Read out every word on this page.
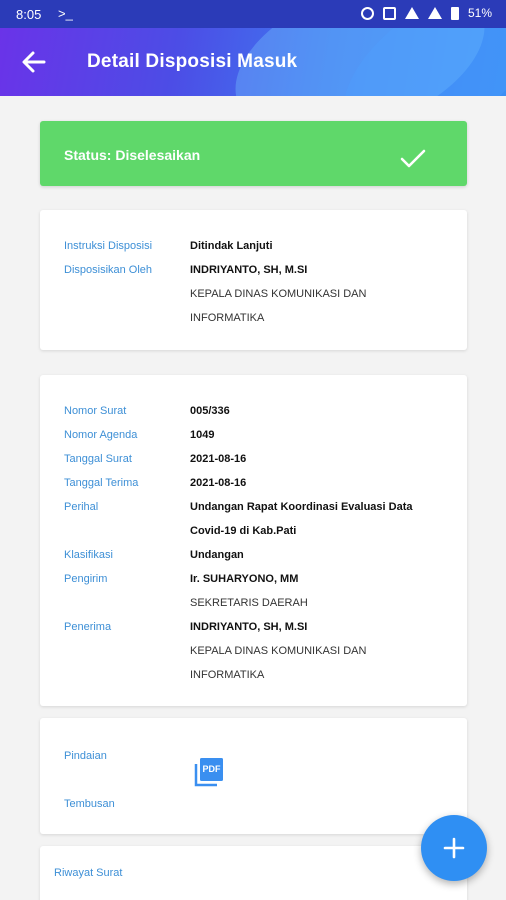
8:05 >_	51%
Detail Disposisi Masuk
Status: Diselesaikan
Instruksi Disposisi	Ditindak Lanjuti
Disposisikan Oleh	INDRIYANTO, SH, M.SI
KEPALA DINAS KOMUNIKASI DAN
INFORMATIKA
Nomor Surat	005/336
Nomor Agenda	1049
Tanggal Surat	2021-08-16
Tanggal Terima	2021-08-16
Perihal	Undangan Rapat Koordinasi Evaluasi Data
Covid-19 di Kab.Pati
Klasifikasi	Undangan
Pengirim	Ir. SUHARYONO, MM
SEKRETARIS DAERAH
Penerima	INDRIYANTO, SH, M.SI
KEPALA DINAS KOMUNIKASI DAN
INFORMATIKA
Pindaian
PDF
Tembusan
Riwayat Surat
